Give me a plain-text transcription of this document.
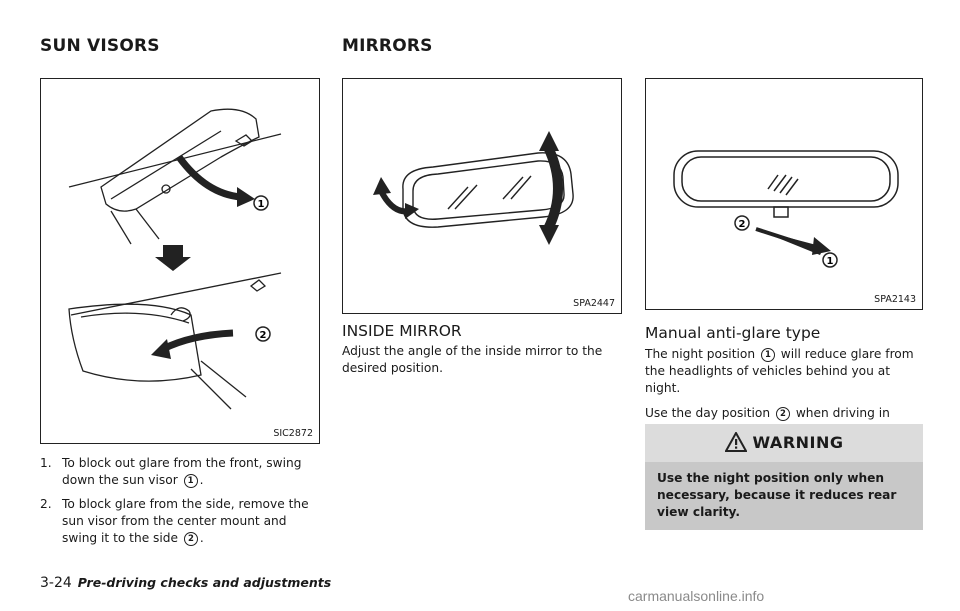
SUN VISORS	MIRRORS
1
2
SIC2872
1. To block out glare from the front, swing down the sun visor 1 .
2. To block glare from the side, remove the sun visor from the center mount and swing it to the side 2 .
SPA2447
INSIDE MIRROR

Adjust the angle of the inside mirror to the desired position.

2
1
SPA2143
Manual anti-glare type

The night position 1 will reduce glare from the headlights of vehicles behind you at night.

Use the day position 2 when driving in

WARNING
Use the night position only when necessary, because it reduces rear view clarity.
3-24 Pre-driving checks and adjustments
carmanualsonline.info
